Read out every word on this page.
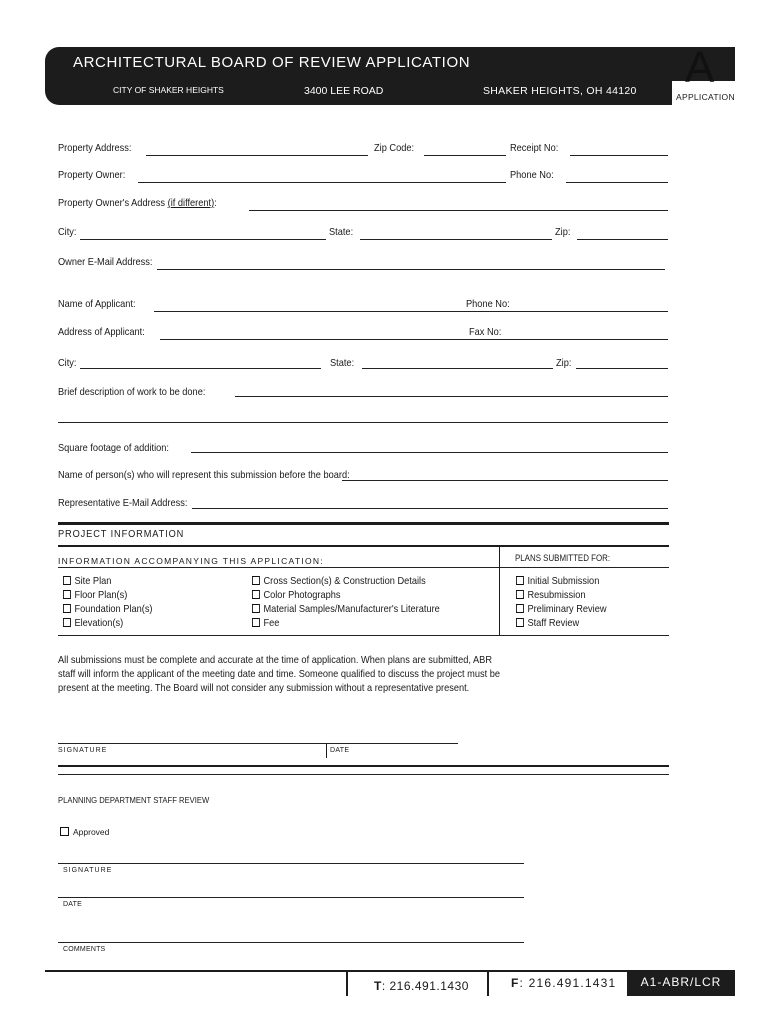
ARCHITECTURAL BOARD OF REVIEW APPLICATION
CITY OF SHAKER HEIGHTS	3400 LEE ROAD	SHAKER HEIGHTS, OH 44120 A
APPLICATION
Property Address:	Zip Code:	Receipt No:
Property Owner:	Phone No:
Property Owner's Address (if different):
City:	State:	Zip:
Owner E-Mail Address:
Name of Applicant:	Phone No:
Address of Applicant:	Fax No:
City:	State:	Zip:
Brief description of work to be done:
Square footage of addition:
Name of person(s) who will represent this submission before the board:
Representative E-Mail Address:
PROJECT INFORMATION
INFORMATION ACCOMPANYING THIS APPLICATION:	PLANS SUBMITTED FOR:
Site Plan
Floor Plan(s)
Foundation Plan(s)
Elevation(s)
Cross Section(s) & Construction Details
Color Photographs
Material Samples/Manufacturer's Literature
Fee
Initial Submission
Resubmission
Preliminary Review
Staff Review
All submissions must be complete and accurate at the time of application. When plans are submitted, ABR staff will inform the applicant of the meeting date and time. Someone qualified to discuss the project must be present at the meeting. The Board will not consider any submission without a representative present.
SIGNATURE	DATE
PLANNING DEPARTMENT STAFF REVIEW
Approved
SIGNATURE
DATE
COMMENTS
T: 216.491.1430	F: 216.491.1431	A1-ABR/LCR
